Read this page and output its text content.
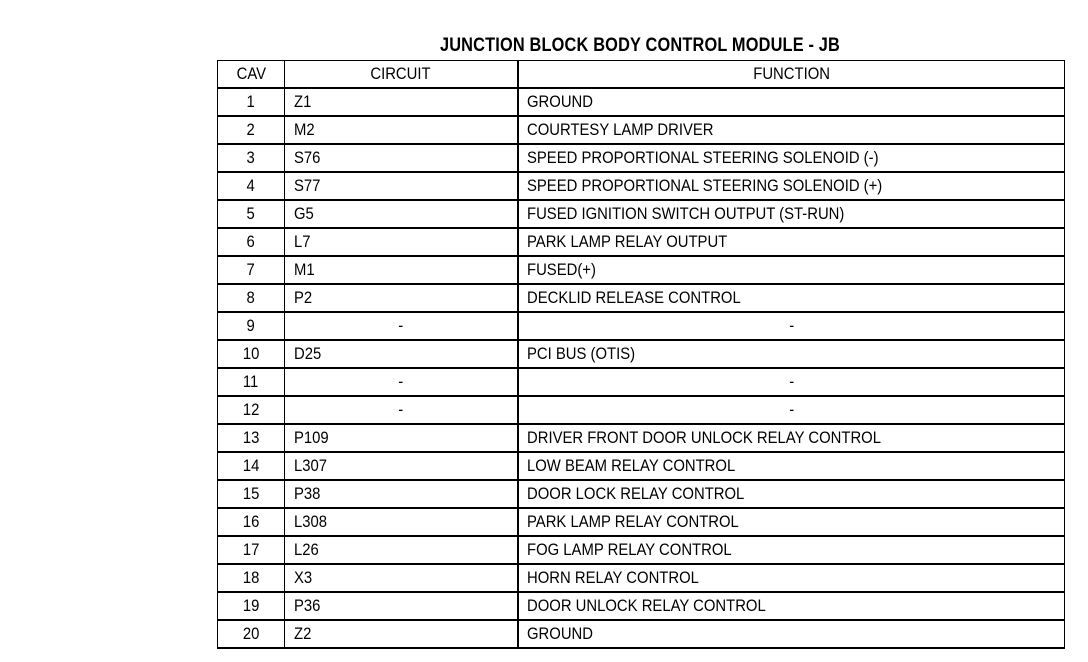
JUNCTION BLOCK BODY CONTROL MODULE - JB
CAV	CIRCUIT	FUNCTION
1	Z1	GROUND
2	M2	COURTESY LAMP DRIVER
3	S76	SPEED PROPORTIONAL STEERING SOLENOID (-)
4	S77	SPEED PROPORTIONAL STEERING SOLENOID (+)
5	G5	FUSED IGNITION SWITCH OUTPUT (ST-RUN)
6	L7	PARK LAMP RELAY OUTPUT
7	M1	FUSED(+)
8	P2	DECKLID RELEASE CONTROL
9	-	-
10	D25	PCI BUS (OTIS)
11	-	-
12	-	-
13	P109	DRIVER FRONT DOOR UNLOCK RELAY CONTROL
14	L307	LOW BEAM RELAY CONTROL
15	P38	DOOR LOCK RELAY CONTROL
16	L308	PARK LAMP RELAY CONTROL
17	L26	FOG LAMP RELAY CONTROL
18	X3	HORN RELAY CONTROL
19	P36	DOOR UNLOCK RELAY CONTROL
20	Z2	GROUND
